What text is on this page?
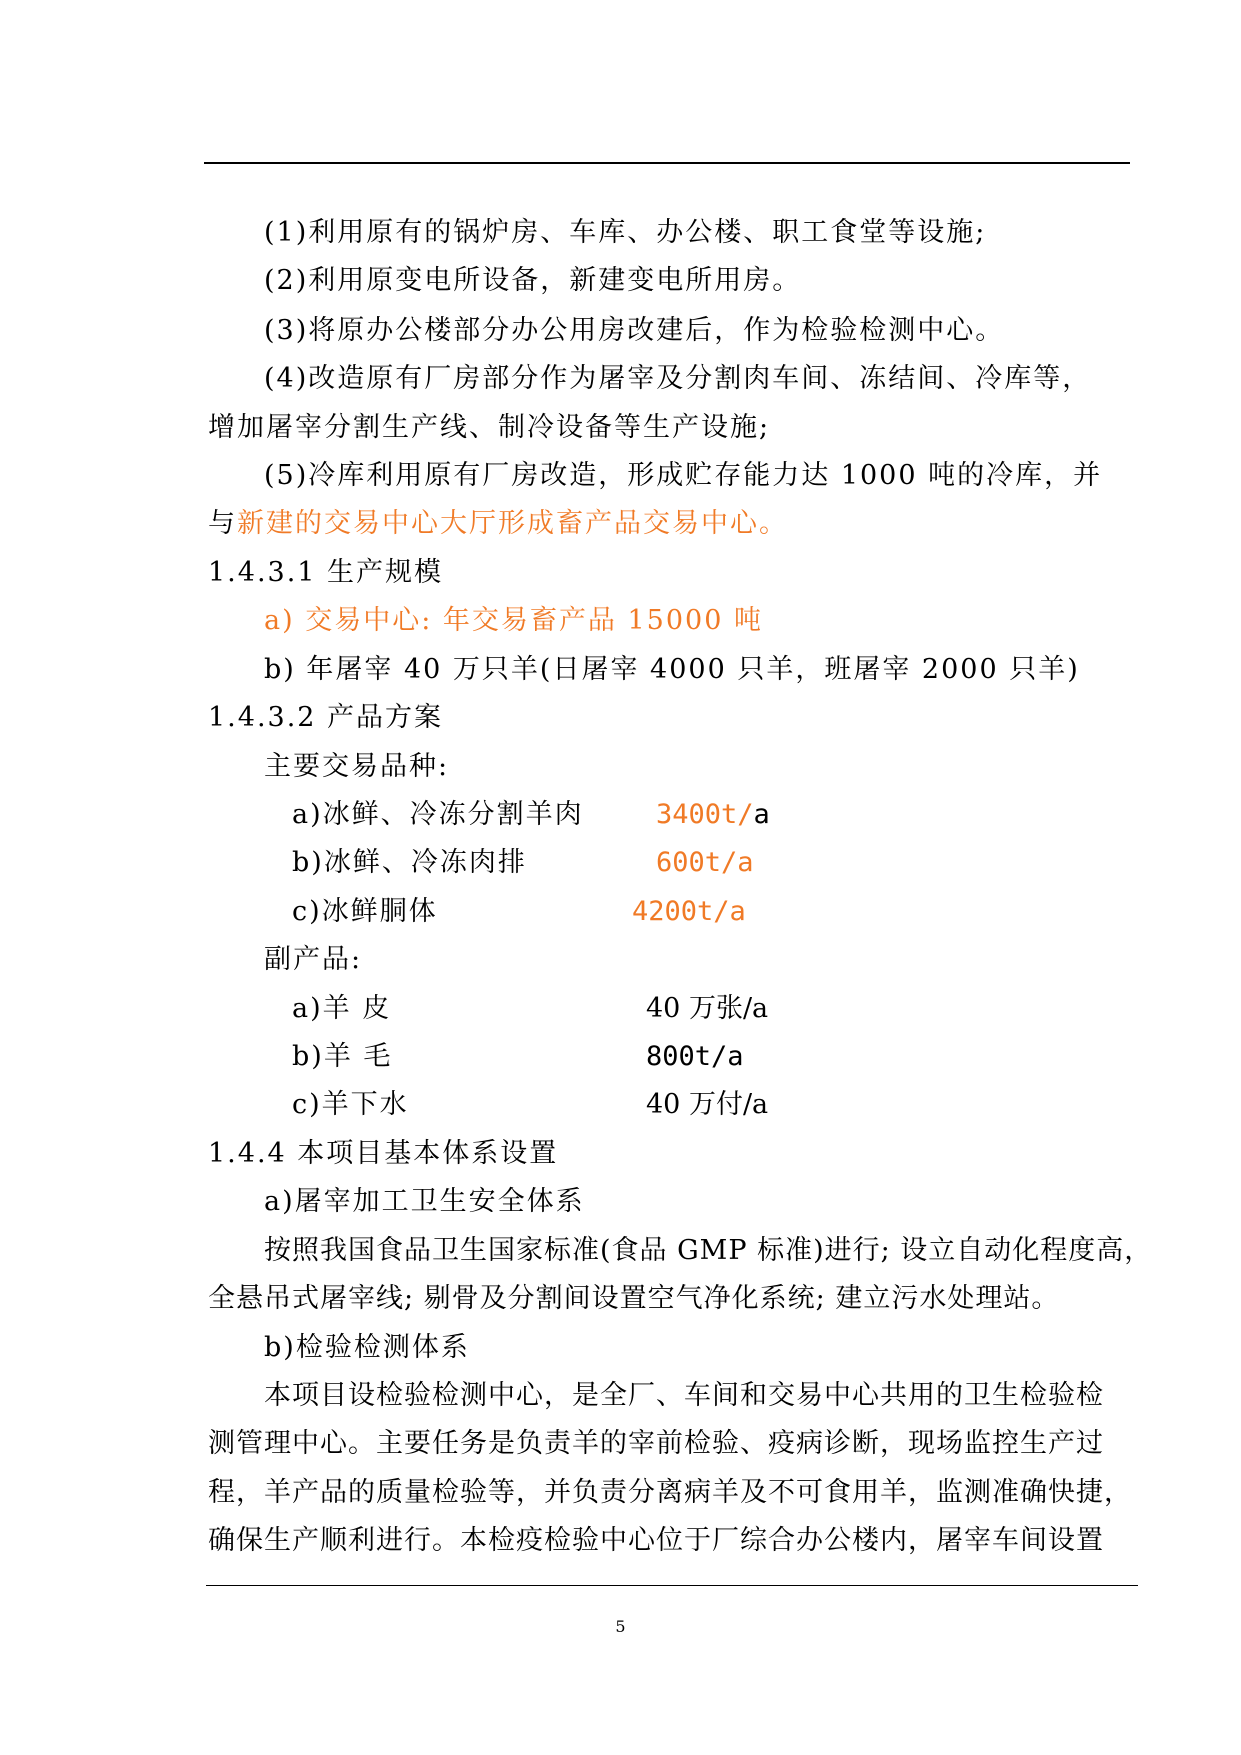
(1)利用原有的锅炉房、车库、办公楼、职工食堂等设施;
(2)利用原变电所设备，新建变电所用房。
(3)将原办公楼部分办公用房改建后，作为检验检测中心。
(4)改造原有厂房部分作为屠宰及分割肉车间、冻结间、冷库等，
增加屠宰分割生产线、制冷设备等生产设施;
(5)冷库利用原有厂房改造，形成贮存能力达 1000 吨的冷库，并
与新建的交易中心大厅形成畜产品交易中心。
1.4.3.1 生产规模
a) 交易中心: 年交易畜产品 15000 吨
b) 年屠宰 40 万只羊(日屠宰 4000 只羊，班屠宰 2000 只羊)
1.4.3.2 产品方案
主要交易品种:
a)冰鲜、冷冻分割羊肉	3400t/a
b)冰鲜、冷冻肉排	600t/a
c)冰鲜胴体	4200t/a
副产品:
a)羊 皮	40 万张/a
b)羊 毛	800t/a
c)羊下水	40 万付/a
1.4.4 本项目基本体系设置
a)屠宰加工卫生安全体系
按照我国食品卫生国家标准(食品 GMP 标准)进行; 设立自动化程度高，
全悬吊式屠宰线; 剔骨及分割间设置空气净化系统; 建立污水处理站。
b)检验检测体系
本项目设检验检测中心，是全厂、车间和交易中心共用的卫生检验检
测管理中心。主要任务是负责羊的宰前检验、疫病诊断，现场监控生产过
程，羊产品的质量检验等，并负责分离病羊及不可食用羊，监测准确快捷，
确保生产顺利进行。本检疫检验中心位于厂综合办公楼内，屠宰车间设置
5
